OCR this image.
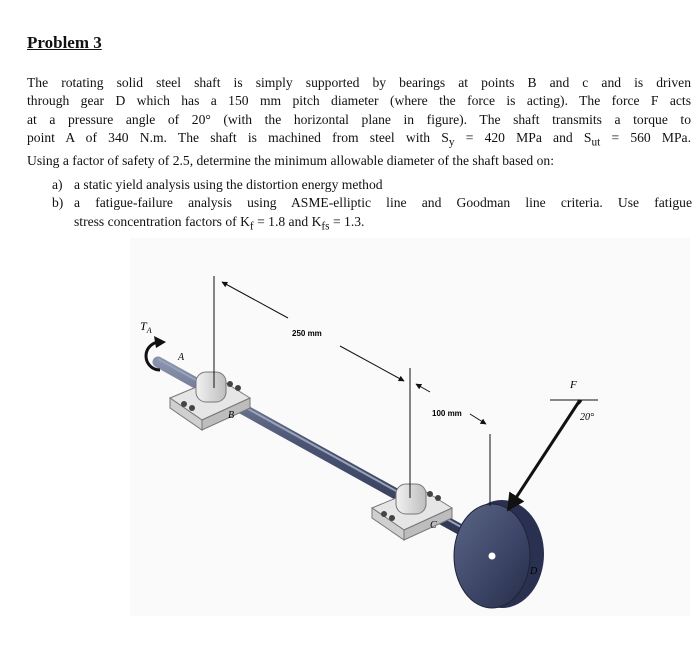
Problem 3
The rotating solid steel shaft is simply supported by bearings at points B and c and is driven
through gear D which has a 150 mm pitch diameter (where the force is acting). The force F acts
at a pressure angle of 20° (with the horizontal plane in figure). The shaft transmits a torque to
point A of 340 N.m. The shaft is machined from steel with $S_y = 420$ MPa and $S_{ut} = 560$ MPa.
Using a factor of safety of 2.5, determine the minimum allowable diameter of the shaft based on:
a) a static yield analysis using the distortion energy method
b) a fatigue-failure analysis using ASME-elliptic line and Goodman line criteria. Use fatigue
stress concentration factors of $K_f = 1.8$ and $K_{fs} = 1.3$.
250 mm
100 mm
$T_A$
A
B
C
D
F
20°
